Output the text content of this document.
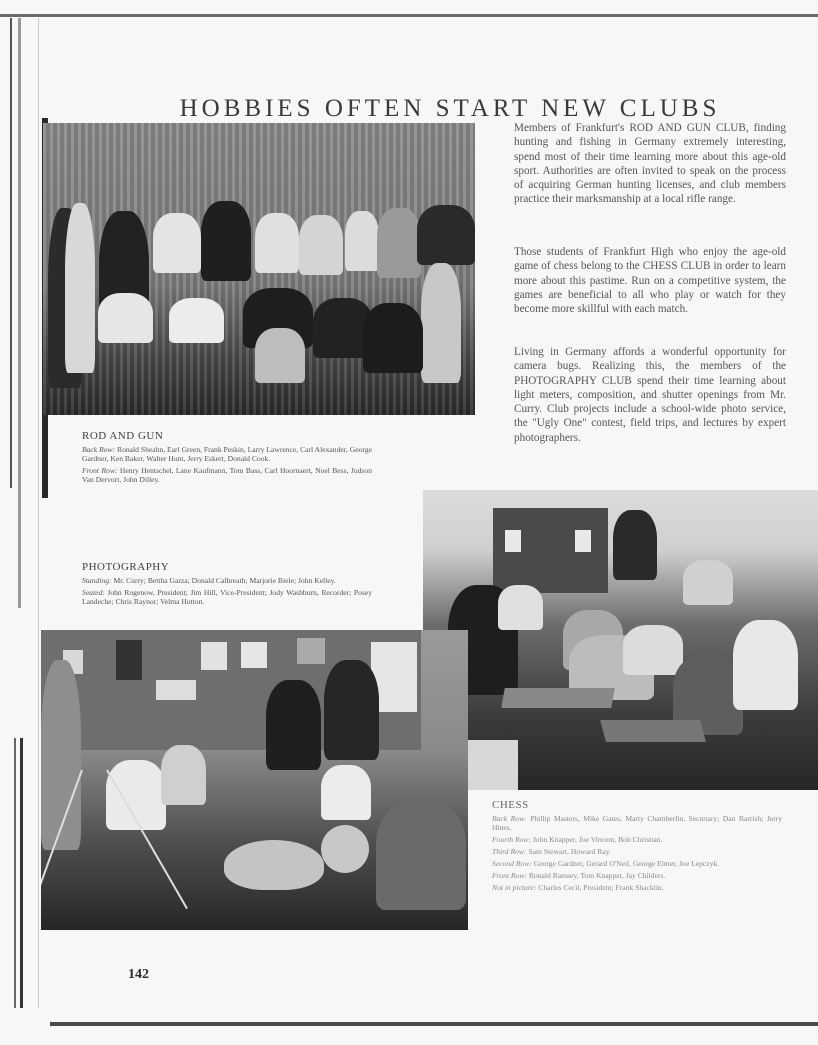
HOBBIES OFTEN START NEW CLUBS

Members of Frankfurt's ROD AND GUN CLUB, finding hunting and fishing in Germany extremely interesting, spend most of their time learning more about this age-old sport. Authorities are often invited to speak on the process of acquiring German hunting licenses, and club members practice their marksmanship at a local rifle range.

Those students of Frankfurt High who enjoy the age-old game of chess belong to the CHESS CLUB in order to learn more about this pastime. Run on a competitive system, the games are beneficial to all who play or watch for they become more skillful with each match.

Living in Germany affords a wonderful opportunity for camera bugs. Realizing this, the members of the PHOTOGRAPHY CLUB spend their time learning about light meters, composition, and shutter openings from Mr. Curry. Club projects include a school-wide photo service, the "Ugly One" contest, field trips, and lectures by expert photographers.

ROD AND GUN

Back Row: Ronald Sheahn, Earl Green, Frank Peskin, Larry Lawrence, Carl Alexander, George Gardner, Ken Baker, Walter Hunt, Jerry Eskert, Donald Cook.

Front Row: Henry Hentschel, Lane Kaufmann, Tom Bass, Carl Hoornaert, Noel Bess, Judson Van Dervort, John Dilley.

PHOTOGRAPHY

Standing: Mr. Curry; Bettha Garza; Donald Calbreath; Marjorie Biele; John Kelley.

Seated: John Rogenow, President; Jim Hill, Vice-President; Jody Washburn, Recorder; Posey Landeche; Chris Raynor; Velma Hutton.

CHESS

Back Row: Phillip Masters, Mike Gates, Marty Chamberlin, Secretary; Dan Barrish; Jerry Hines.

Fourth Row: John Knapper, Joe Vincent, Bob Christian.

Third Row: Sam Stewart, Howard Ray.

Second Row: George Gardner, Gerard O'Neil, George Elmer, Joe Lepczyk.

Front Row: Ronald Ramsey, Tom Knapper, Jay Childers.

Not in picture: Charles Cecil, President; Frank Shacklin.

142
